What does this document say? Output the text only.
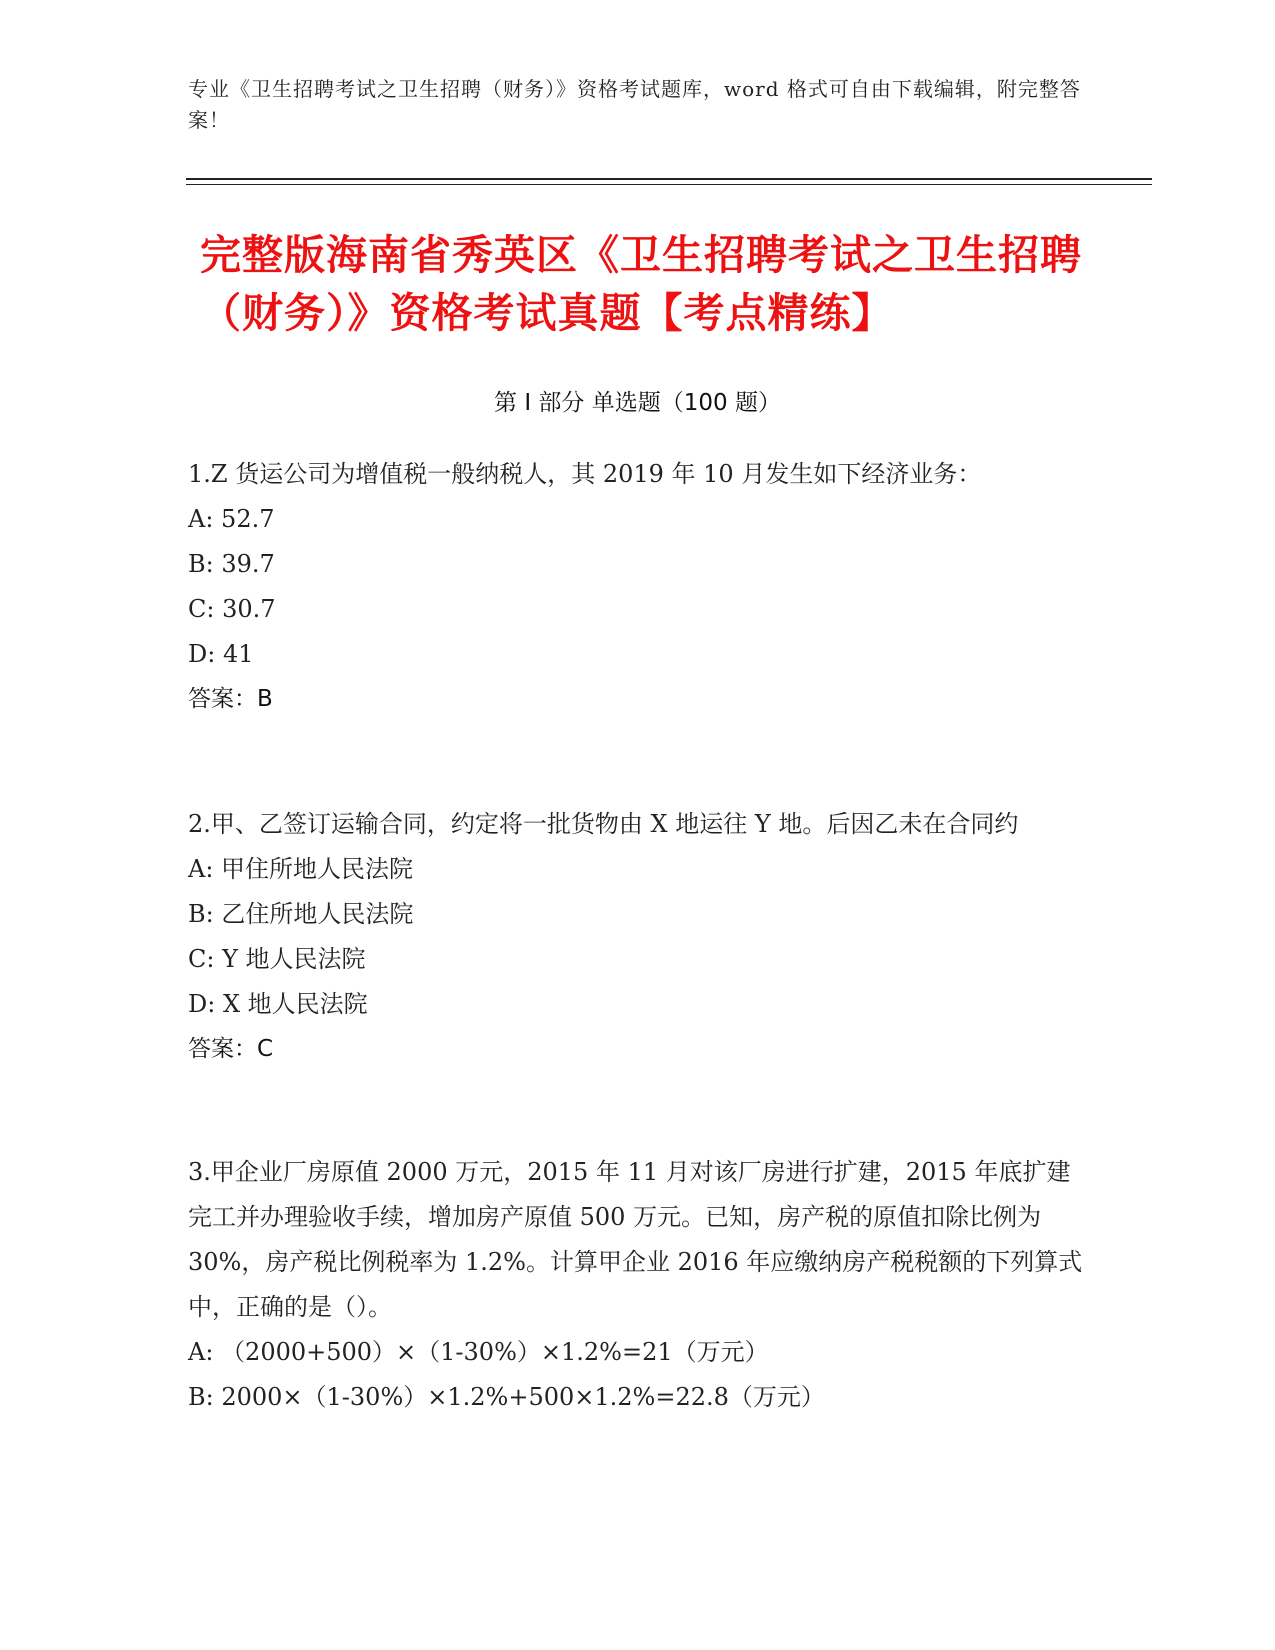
专业《卫生招聘考试之卫生招聘（财务）》资格考试题库，word 格式可自由下载编辑，附完整答案！
完整版海南省秀英区《卫生招聘考试之卫生招聘（财务）》资格考试真题【考点精练】
第 I 部分 单选题（100 题）
1.Z 货运公司为增值税一般纳税人，其 2019 年 10 月发生如下经济业务：
A: 52.7
B: 39.7
C: 30.7
D: 41
答案：B
2.甲、乙签订运输合同，约定将一批货物由 X 地运往 Y 地。后因乙未在合同约
A: 甲住所地人民法院
B: 乙住所地人民法院
C: Y 地人民法院
D: X 地人民法院
答案：C
3.甲企业厂房原值 2000 万元，2015 年 11 月对该厂房进行扩建，2015 年底扩建完工并办理验收手续，增加房产原值 500 万元。已知，房产税的原值扣除比例为 30%，房产税比例税率为 1.2%。计算甲企业 2016 年应缴纳房产税税额的下列算式中，正确的是（）。
A: （2000+500）×（1-30%）×1.2%=21（万元）
B: 2000×（1-30%）×1.2%+500×1.2%=22.8（万元）
